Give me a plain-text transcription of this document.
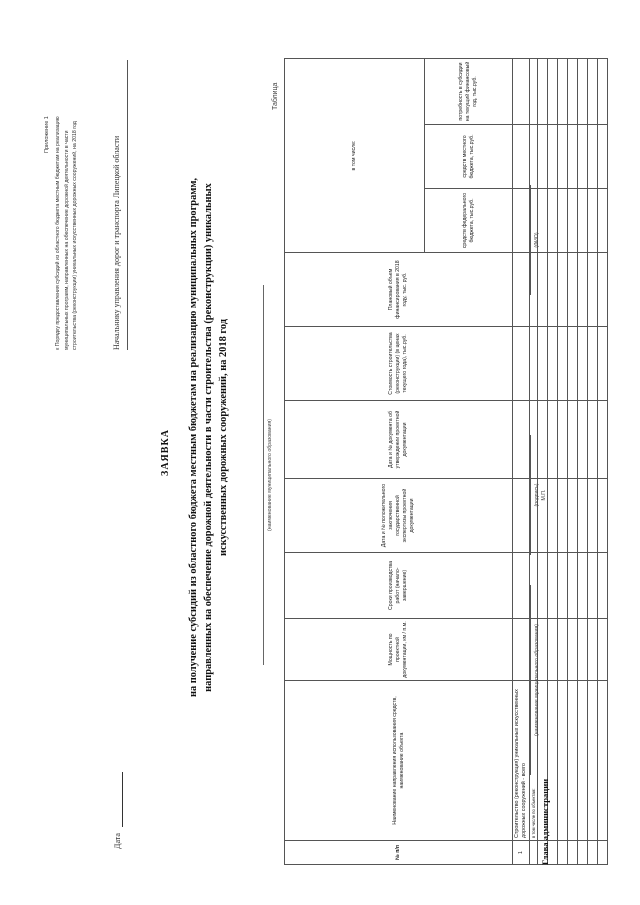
Приложение 1 к Порядку предоставления субсидий из областного бюджета местным бюджетам на реализацию муниципальных программ, направленных на обеспечение дорожной деятельности в части строительства (реконструкции) уникальных искусственных дорожных сооружений, на 2018 год	Начальнику управления дорог и транспорта Липецкой области
Дата
ЗАЯВКА на получение субсидий из областного бюджета местным бюджетам на реализацию муниципальных программ, направленных на обеспечение дорожной деятельности в части строительства (реконструкции) уникальных искусственных дорожных сооружений, на 2018 год
Таблица
(наименование муниципального образования)
№ п/п	Наименование направления использования средств, наименование объекта	Мощность по проектной документации, км / п.м.	Сроки производства работ (начало-завершение)	Дата и № положительного заключения государственной экспертизы проектной документации	Дата и № документа об утверждении проектной документации	Стоимость строительства (реконструкции) (в ценах текущего года), тыс.руб.	Плановый объем финансирования в 2018 году, тыс. руб.	в том числе:		
								средств федерального бюджета, тыс.руб.	средств местного бюджета, тыс.руб.	потребность в субсидии на текущий финансовый год, тыс.руб.
1	Строительство (реконструкция) уникальных искусственных дорожных сооружений - всего									
	в том числе по объектам:									

										Глава администрации
(наименование муниципального образования)
(подпись) М.П.
(ФИО)
